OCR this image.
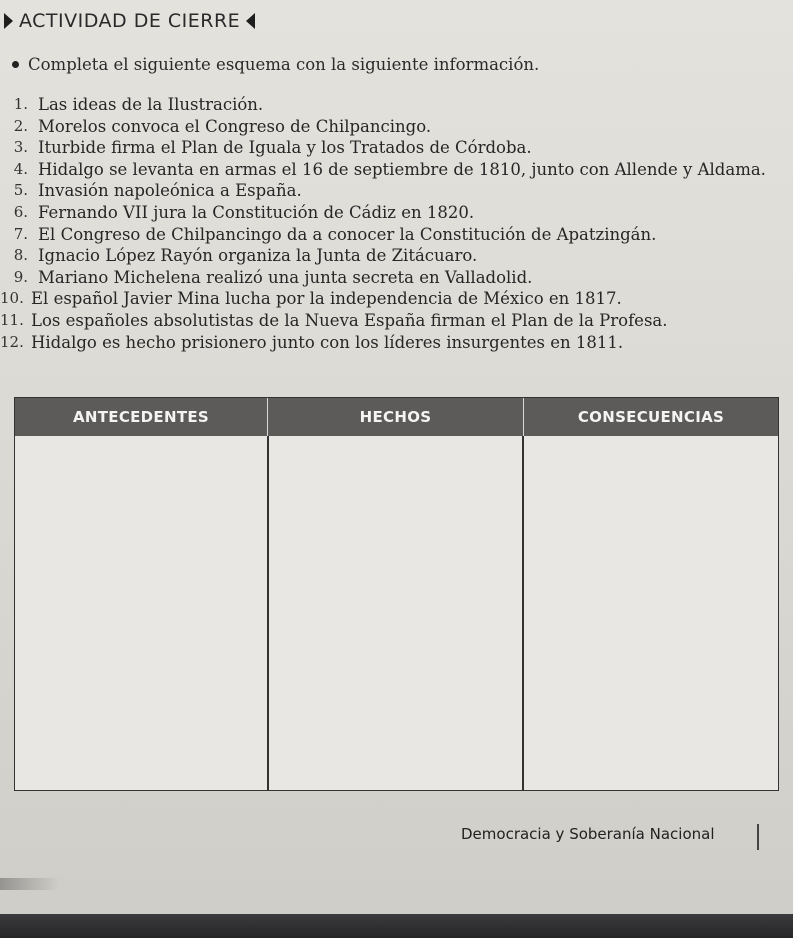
ACTIVIDAD DE CIERRE
Completa el siguiente esquema con la siguiente información.
1. Las ideas de la Ilustración.
2. Morelos convoca el Congreso de Chilpancingo.
3. Iturbide firma el Plan de Iguala y los Tratados de Córdoba.
4. Hidalgo se levanta en armas el 16 de septiembre de 1810, junto con Allende y Aldama.
5. Invasión napoleónica a España.
6. Fernando VII jura la Constitución de Cádiz en 1820.
7. El Congreso de Chilpancingo da a conocer la Constitución de Apatzingán.
8. Ignacio López Rayón organiza la Junta de Zitácuaro.
9. Mariano Michelena realizó una junta secreta en Valladolid.
10. El español Javier Mina lucha por la independencia de México en 1817.
11. Los españoles absolutistas de la Nueva España firman el Plan de la Profesa.
12. Hidalgo es hecho prisionero junto con los líderes insurgentes en 1811.
ANTECEDENTES	HECHOS	CONSECUENCIAS
Democracia y Soberanía Nacional
